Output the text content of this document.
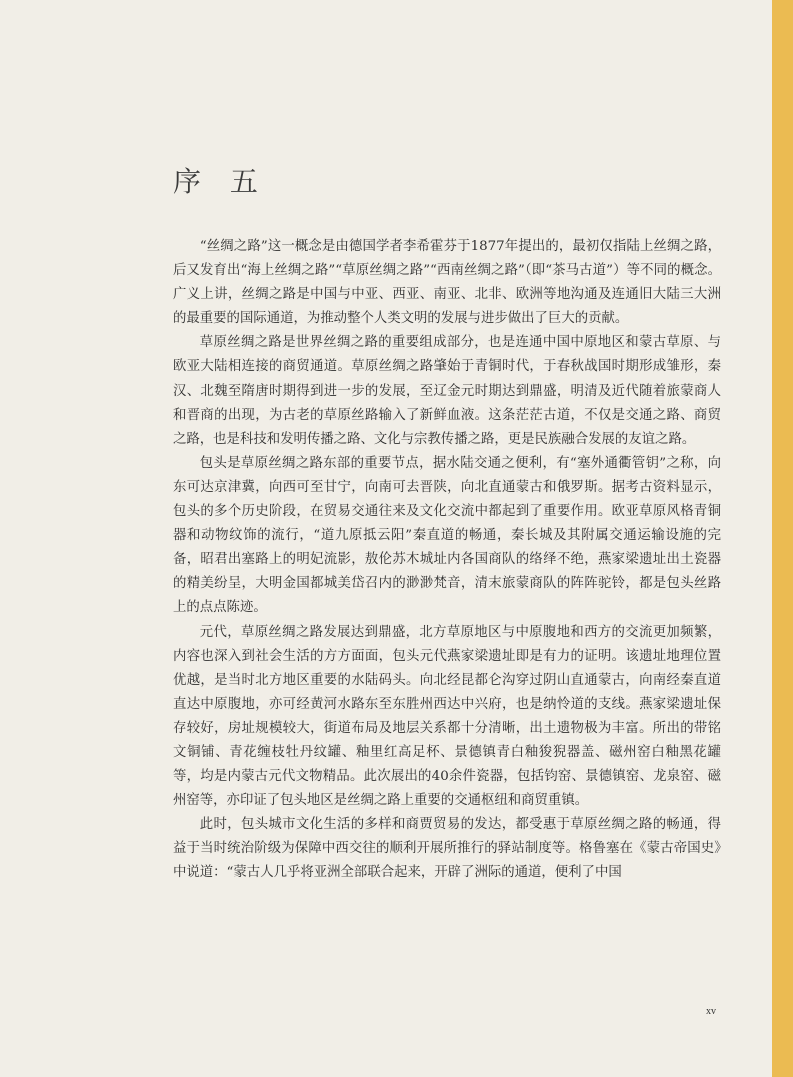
序 五

“丝绸之路”这一概念是由德国学者李希霍芬于1877年提出的，最初仅指陆上丝绸之路，后又发育出“海上丝绸之路”“草原丝绸之路”“西南丝绸之路”（即“茶马古道”）等不同的概念。广义上讲，丝绸之路是中国与中亚、西亚、南亚、北非、欧洲等地沟通及连通旧大陆三大洲的最重要的国际通道，为推动整个人类文明的发展与进步做出了巨大的贡献。

草原丝绸之路是世界丝绸之路的重要组成部分，也是连通中国中原地区和蒙古草原、与欧亚大陆相连接的商贸通道。草原丝绸之路肇始于青铜时代，于春秋战国时期形成雏形，秦汉、北魏至隋唐时期得到进一步的发展，至辽金元时期达到鼎盛，明清及近代随着旅蒙商人和晋商的出现，为古老的草原丝路输入了新鲜血液。这条茫茫古道，不仅是交通之路、商贸之路，也是科技和发明传播之路、文化与宗教传播之路，更是民族融合发展的友谊之路。

包头是草原丝绸之路东部的重要节点，据水陆交通之便利，有“塞外通衢管钥”之称，向东可达京津冀，向西可至甘宁，向南可去晋陕，向北直通蒙古和俄罗斯。据考古资料显示，包头的多个历史阶段，在贸易交通往来及文化交流中都起到了重要作用。欧亚草原风格青铜器和动物纹饰的流行，“道九原抵云阳”秦直道的畅通，秦长城及其附属交通运输设施的完备，昭君出塞路上的明妃流影，敖伦苏木城址内各国商队的络绎不绝，燕家梁遗址出土瓷器的精美纷呈，大明金国都城美岱召内的渺渺梵音，清末旅蒙商队的阵阵驼铃，都是包头丝路上的点点陈迹。

元代，草原丝绸之路发展达到鼎盛，北方草原地区与中原腹地和西方的交流更加频繁，内容也深入到社会生活的方方面面，包头元代燕家梁遗址即是有力的证明。该遗址地理位置优越，是当时北方地区重要的水陆码头。向北经昆都仑沟穿过阴山直通蒙古，向南经秦直道直达中原腹地，亦可经黄河水路东至东胜州西达中兴府，也是纳怜道的支线。燕家梁遗址保存较好，房址规模较大，街道布局及地层关系都十分清晰，出土遗物极为丰富。所出的带铭文铜铺、青花缠枝牡丹纹罐、釉里红高足杯、景德镇青白釉狻猊器盖、磁州窑白釉黑花罐等，均是内蒙古元代文物精品。此次展出的40余件瓷器，包括钧窑、景德镇窑、龙泉窑、磁州窑等，亦印证了包头地区是丝绸之路上重要的交通枢纽和商贸重镇。

此时，包头城市文化生活的多样和商贾贸易的发达，都受惠于草原丝绸之路的畅通，得益于当时统治阶级为保障中西交往的顺利开展所推行的驿站制度等。格鲁塞在《蒙古帝国史》中说道：“蒙古人几乎将亚洲全部联合起来，开辟了洲际的通道，便利了中国

xv
